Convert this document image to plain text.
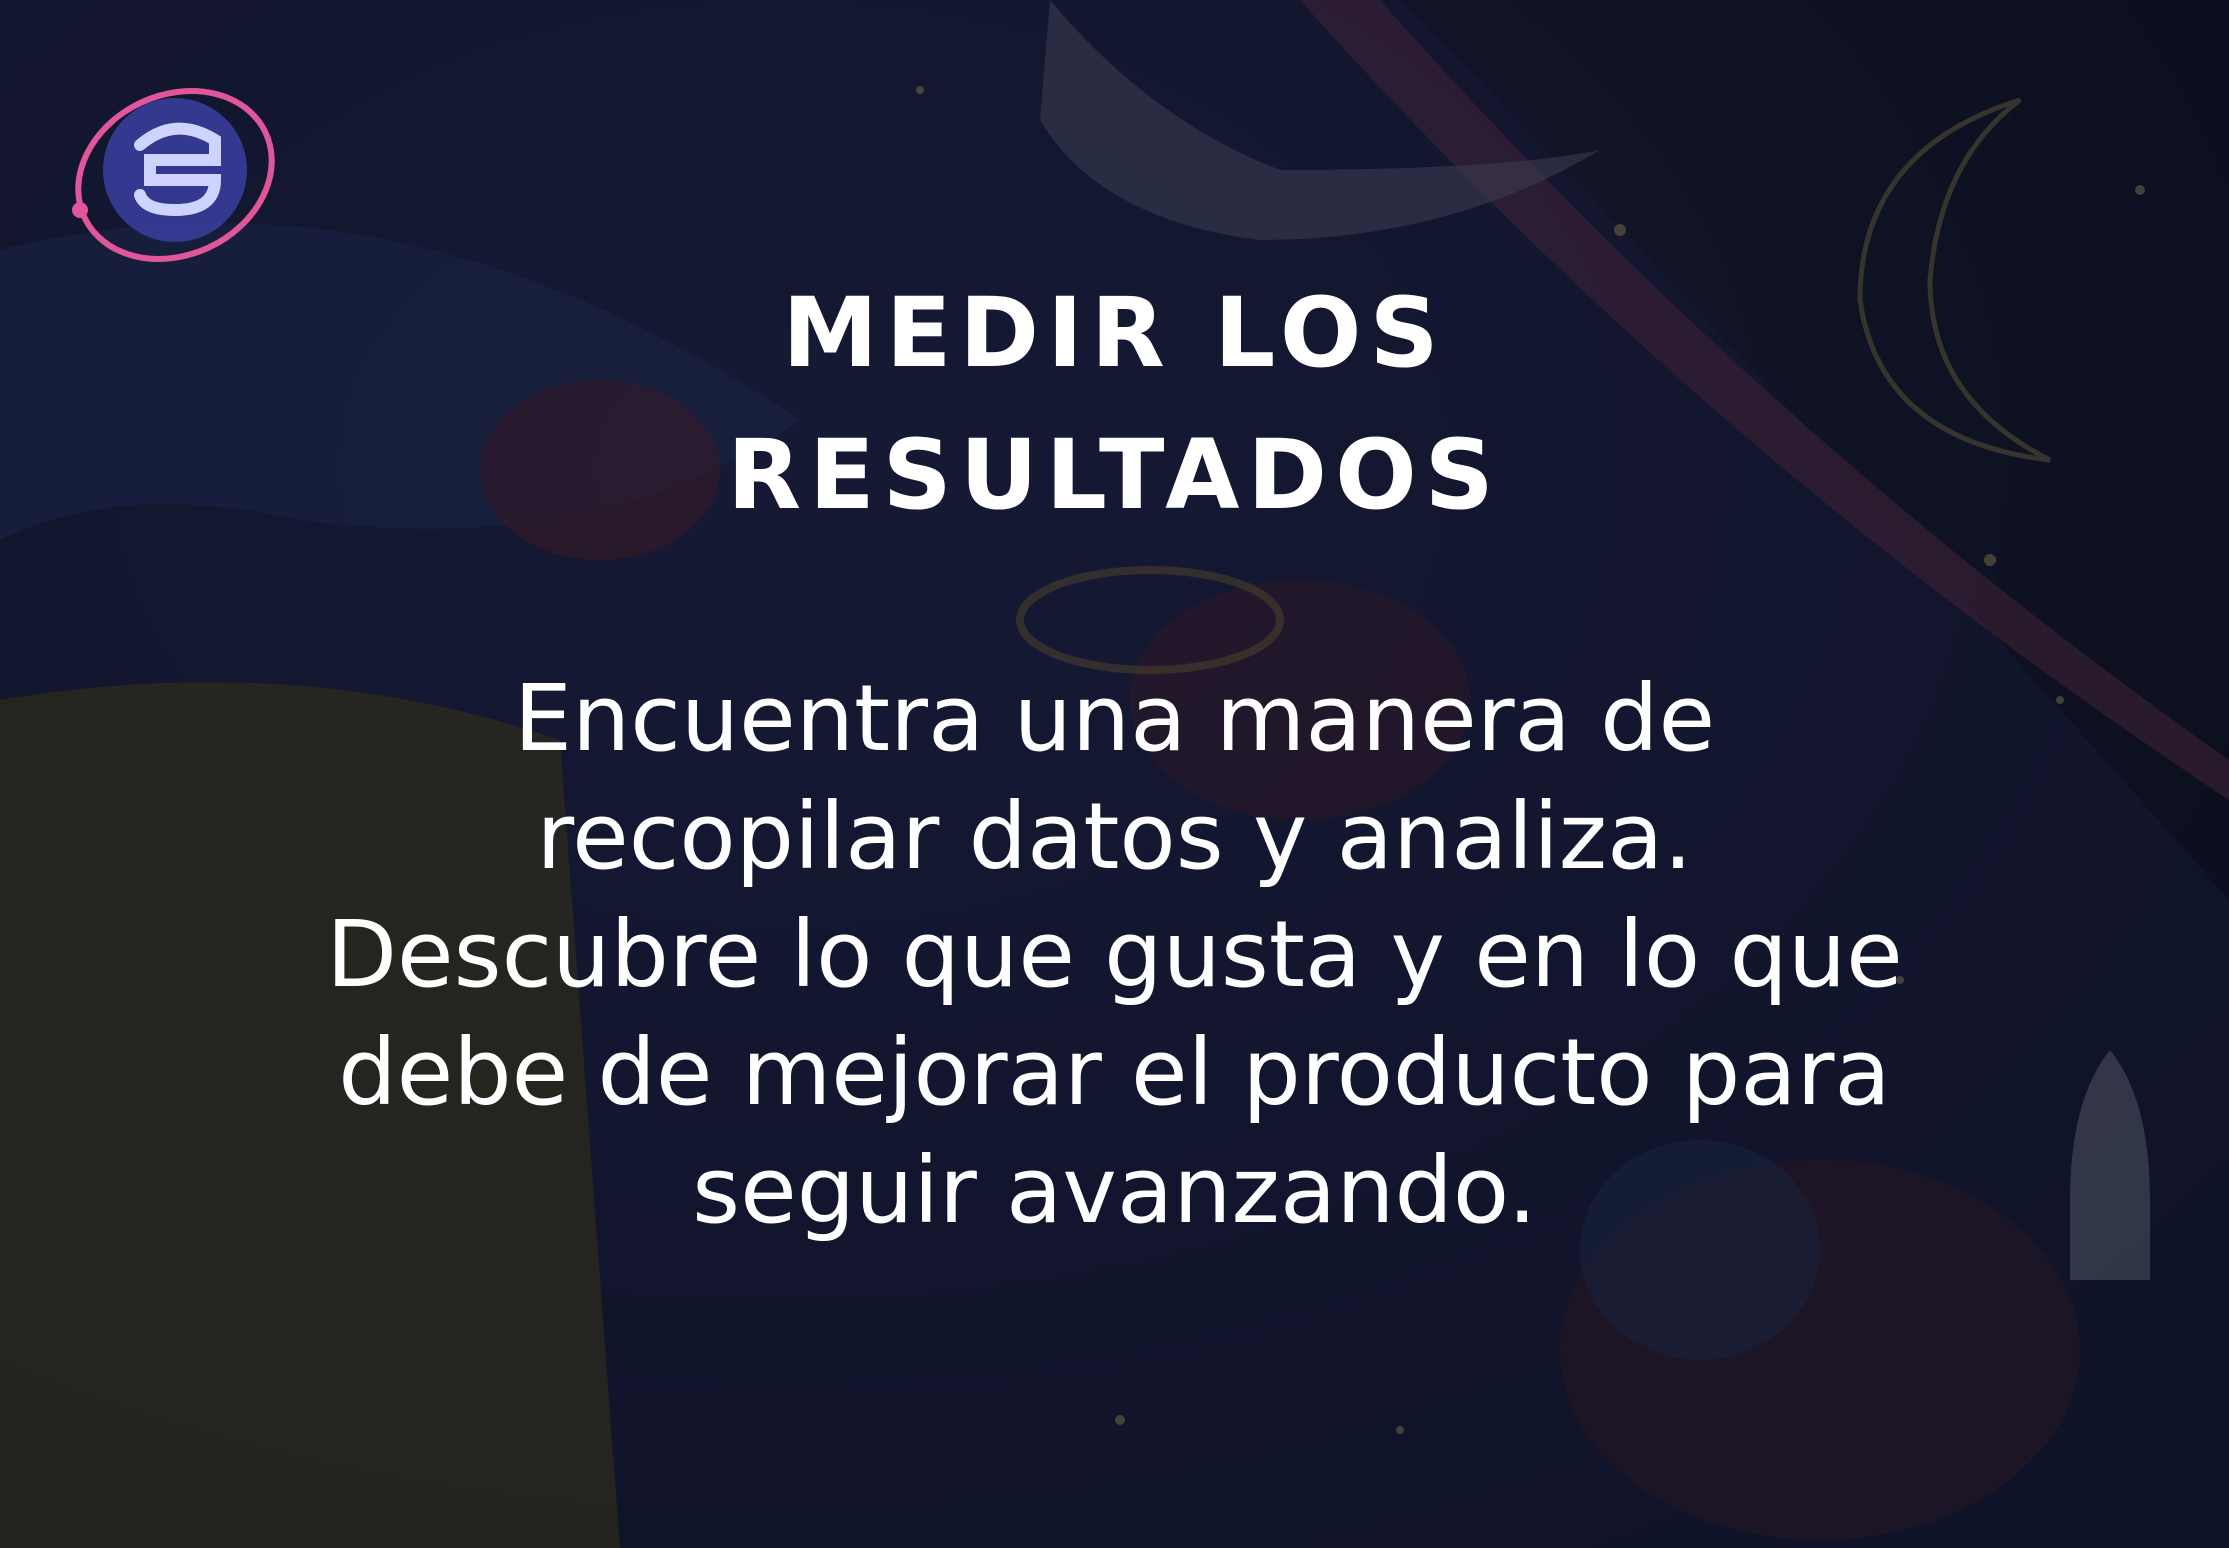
MEDIR LOS
RESULTADOS

Encuentra una manera de
recopilar datos y analiza.
Descubre lo que gusta y en lo que
debe de mejorar el producto para
seguir avanzando.
